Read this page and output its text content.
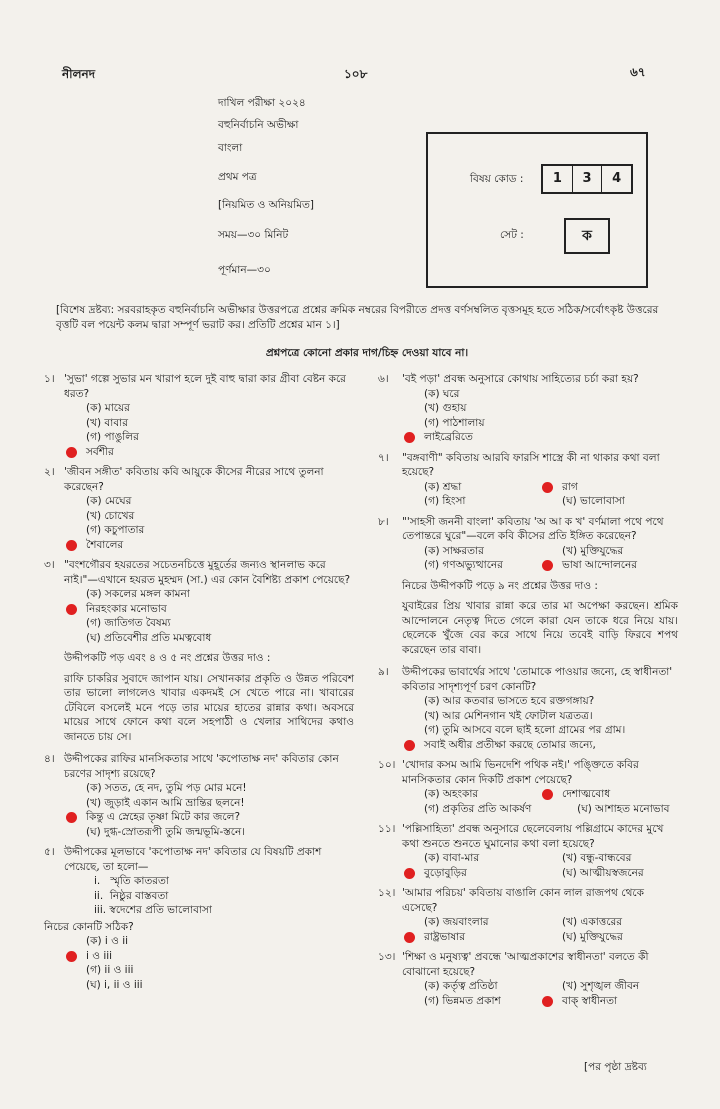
নীলনদ	১০৮	৬৭
দাখিল পরীক্ষা ২০২৪
বহুনির্বাচনি অভীক্ষা
বাংলা
প্রথম পত্র
[নিয়মিত ও অনিয়মিত]
সময়—৩০ মিনিট
পূর্ণমান—৩০
বিষয় কোড :	1	3	4
সেট :	ক
[বিশেষ দ্রষ্টব্য: সরবরাহকৃত বহুনির্বাচনি অভীক্ষার উত্তরপত্রে প্রশ্নের ক্রমিক নম্বরের বিপরীতে প্রদত্ত বর্ণসম্বলিত বৃত্তসমূহ হতে সঠিক/সর্বোৎকৃষ্ট উত্তরের বৃত্তটি বল পয়েন্ট কলম দ্বারা সম্পূর্ণ ভরাট কর। প্রতিটি প্রশ্নের মান ১।]
প্রশ্নপত্রে কোনো প্রকার দাগ/চিহ্ন দেওয়া যাবে না।
১। 'সুভা' গল্পে সুভার মন খারাপ হলে দুই বাহু দ্বারা কার গ্রীবা বেষ্টন করে ধরত?
(ক) মায়ের
(খ) বাবার
(গ) পাঙুলির
সর্বশীর
২। 'জীবন সঙ্গীত' কবিতায় কবি আয়ুকে কীসের নীরের সাথে তুলনা করেছেন?
(ক) মেঘের
(খ) চোখের
(গ) কচুপাতার
শৈবালের
৩। "বংশগৌরব হযরতের সচেতনচিত্তে মুহূর্তের জন্যও স্থানলাভ করে নাই।"—এখানে হযরত মুহম্মদ (সা.) এর কোন বৈশিষ্ট্য প্রকাশ পেয়েছে?
(ক) সকলের মঙ্গল কামনা
নিরহংকার মনোভাব
(গ) জাতিগত বৈষম্য
(ঘ) প্রতিবেশীর প্রতি মমত্ববোধ
উদ্দীপকটি পড় এবং ৪ ও ৫ নং প্রশ্নের উত্তর দাও :
রাফি চাকরির সুবাদে জাপান যায়। সেখানকার প্রকৃতি ও উন্নত পরিবেশ তার ভালো লাগলেও খাবার একদমই সে খেতে পারে না। খাবারের টেবিলে বসলেই মনে পড়ে তার মায়ের হাতের রান্নার কথা। অবসরে মায়ের সাথে ফোনে কথা বলে সহপাঠী ও খেলার সাথিদের কথাও জানতে চায় সে।
৪। উদ্দীপকের রাফির মানসিকতার সাথে 'কপোতাক্ষ নদ' কবিতার কোন চরণের সাদৃশ্য রয়েছে?
(ক) সতত, হে নদ, তুমি পড় মোর মনে!
(খ) জুড়াই একান আমি ভ্রান্তির ছলনে!
কিন্তু এ স্নেহের তৃষ্ণা মিটে কার জলে?
(ঘ) দুগ্ধ-স্রোতরূপী তুমি জন্মভূমি-স্তনে।
৫। উদ্দীপকের মূলভাবে 'কপোতাক্ষ নদ' কবিতার যে বিষয়টি প্রকাশ পেয়েছে, তা হলো—
i.   স্মৃতি কাতরতা
ii.  নিষ্ঠুর বাস্তবতা
iii. স্বদেশের প্রতি ভালোবাসা
নিচের কোনটি সঠিক?
(ক) i ও ii
i ও iii
(গ) ii ও iii
(ঘ) i, ii ও iii
৬। 'বই পড়া' প্রবন্ধ অনুসারে কোথায় সাহিত্যের চর্চা করা হয়?
(ক) ঘরে
(খ) গুহায়
(গ) পাঠশালায়
লাইব্রেরিতে
৭। "বঙ্গবাণী" কবিতায় আরবি ফারসি শাস্ত্রে কী না থাকার কথা বলা হয়েছে?
(ক) শ্রদ্ধা	রাগ
(গ) হিংসা	(ঘ) ভালোবাসা
৮। "'সাহসী জননী বাংলা' কবিতায় 'অ আ ক খ' বর্ণমালা পথে পথে তেপান্তরে ঘুরে"—বলে কবি কীসের প্রতি ইঙ্গিত করেছেন?
(ক) সাক্ষরতার	(খ) মুক্তিযুদ্ধের
(গ) গণঅভ্যুত্থানের	ভাষা আন্দোলনের
নিচের উদ্দীপকটি পড়ে ৯ নং প্রশ্নের উত্তর দাও :
যুবাইরের প্রিয় খাবার রান্না করে তার মা অপেক্ষা করছেন। শ্রমিক আন্দোলনে নেতৃত্ব দিতে গেলে কারা যেন তাকে ধরে নিয়ে যায়। ছেলেকে খুঁজে বের করে সাথে নিয়ে তবেই বাড়ি ফিরবে শপথ করেছেন তার বাবা।
৯। উদ্দীপকের ভাবার্থের সাথে 'তোমাকে পাওয়ার জন্যে, হে স্বাধীনতা' কবিতার সাদৃশ্যপূর্ণ চরণ কোনটি?
(ক) আর কতবার ভাসতে হবে রক্তগঙ্গায়?
(খ) আর মেশিনগান খই ফোটাল যত্রতত্র।
(গ) তুমি আসবে বলে ছাই হলো গ্রামের পর গ্রাম।
সবাই অধীর প্রতীক্ষা করছে তোমার জন্যে,
১০। 'খোদার কসম আমি ভিনদেশি পথিক নই।' পঙ্ক্তিতে কবির মানসিকতার কোন দিকটি প্রকাশ পেয়েছে?
(ক) অহংকার	দেশাত্মবোধ
(গ) প্রকৃতির প্রতি আকর্ষণ	(ঘ) আশাহত মনোভাব
১১। 'পল্লিসাহিত্য' প্রবন্ধ অনুসারে ছেলেবেলায় পল্লিগ্রামে কাদের মুখে কথা শুনতে শুনতে ঘুমানোর কথা বলা হয়েছে?
(ক) বাবা-মার	(খ) বন্ধু-বান্ধবের
বুড়োবুড়ির	(ঘ) আত্মীয়স্বজনের
১২। 'আমার পরিচয়' কবিতায় বাঙালি কোন লাল রাজপথ থেকে এসেছে?
(ক) জয়বাংলার	(খ) একাত্তরের
রাষ্ট্রভাষার	(ঘ) মুক্তিযুদ্ধের
১৩। 'শিক্ষা ও মনুষ্যত্ব' প্রবন্ধে 'আত্মপ্রকাশের স্বাধীনতা' বলতে কী বোঝানো হয়েছে?
(ক) কর্তৃত্ব প্রতিষ্ঠা	(খ) সুশৃঙ্খল জীবন
(গ) ভিন্নমত প্রকাশ	বাক্ স্বাধীনতা
[পর পৃষ্ঠা দ্রষ্টব্য
